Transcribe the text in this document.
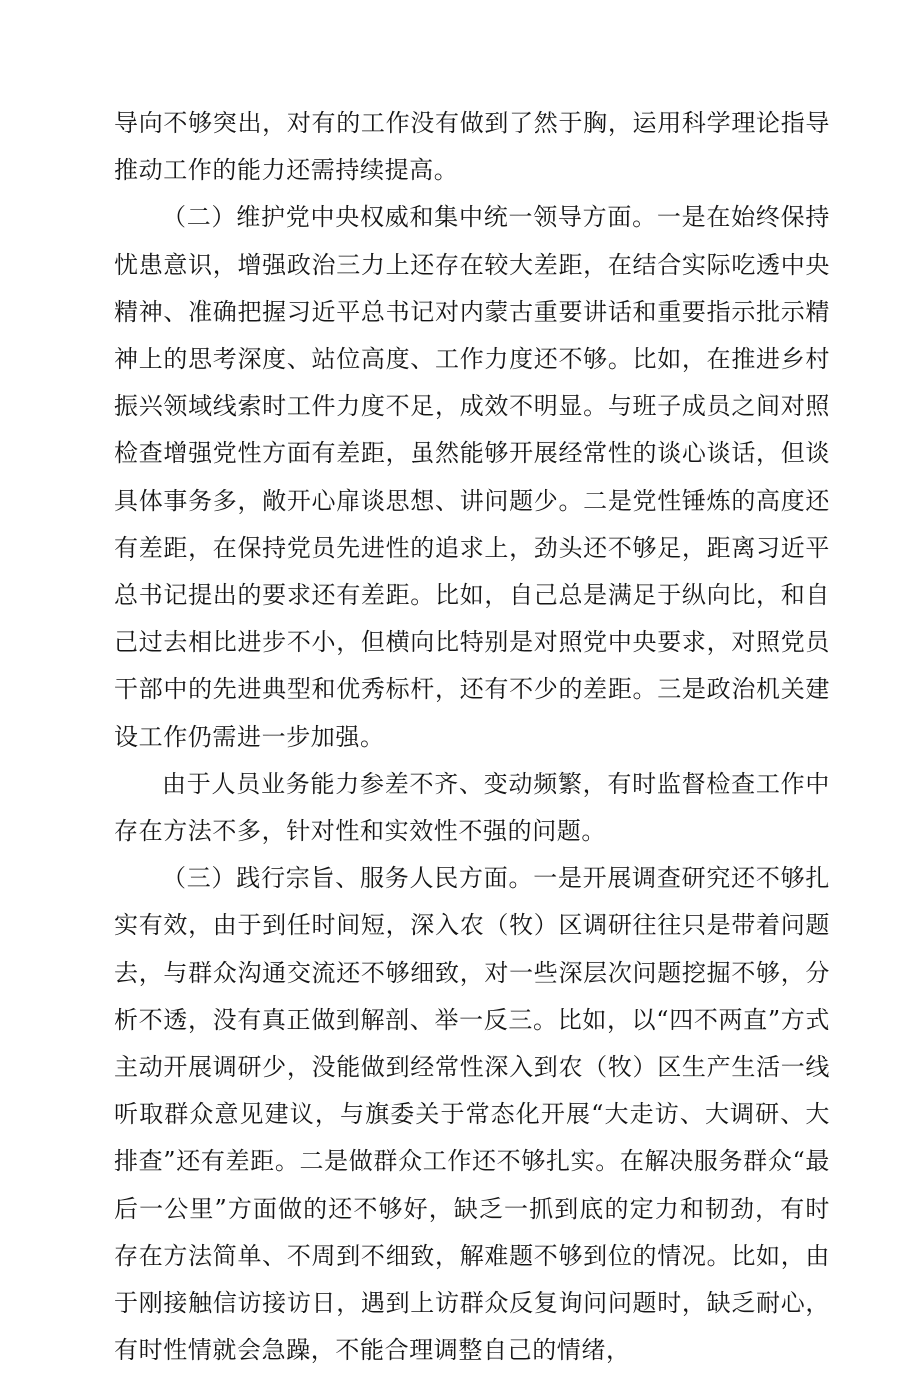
导向不够突出，对有的工作没有做到了然于胸，运用科学理论指导推动工作的能力还需持续提高。

（二）维护党中央权威和集中统一领导方面。一是在始终保持忧患意识，增强政治三力上还存在较大差距，在结合实际吃透中央精神、准确把握习近平总书记对内蒙古重要讲话和重要指示批示精神上的思考深度、站位高度、工作力度还不够。比如，在推进乡村振兴领域线索时工件力度不足，成效不明显。与班子成员之间对照检查增强党性方面有差距，虽然能够开展经常性的谈心谈话，但谈具体事务多，敞开心扉谈思想、讲问题少。二是党性锤炼的高度还有差距，在保持党员先进性的追求上，劲头还不够足，距离习近平总书记提出的要求还有差距。比如，自己总是满足于纵向比，和自己过去相比进步不小，但横向比特别是对照党中央要求，对照党员干部中的先进典型和优秀标杆，还有不少的差距。三是政治机关建设工作仍需进一步加强。

由于人员业务能力参差不齐、变动频繁，有时监督检查工作中存在方法不多，针对性和实效性不强的问题。

（三）践行宗旨、服务人民方面。一是开展调查研究还不够扎实有效，由于到任时间短，深入农（牧）区调研往往只是带着问题去，与群众沟通交流还不够细致，对一些深层次问题挖掘不够，分析不透，没有真正做到解剖、举一反三。比如，以“四不两直”方式主动开展调研少，没能做到经常性深入到农（牧）区生产生活一线听取群众意见建议，与旗委关于常态化开展“大走访、大调研、大排查”还有差距。二是做群众工作还不够扎实。在解决服务群众“最后一公里”方面做的还不够好，缺乏一抓到底的定力和韧劲，有时存在方法简单、不周到不细致，解难题不够到位的情况。比如，由于刚接触信访接访日，遇到上访群众反复询问问题时，缺乏耐心，有时性情就会急躁，不能合理调整自己的情绪，
